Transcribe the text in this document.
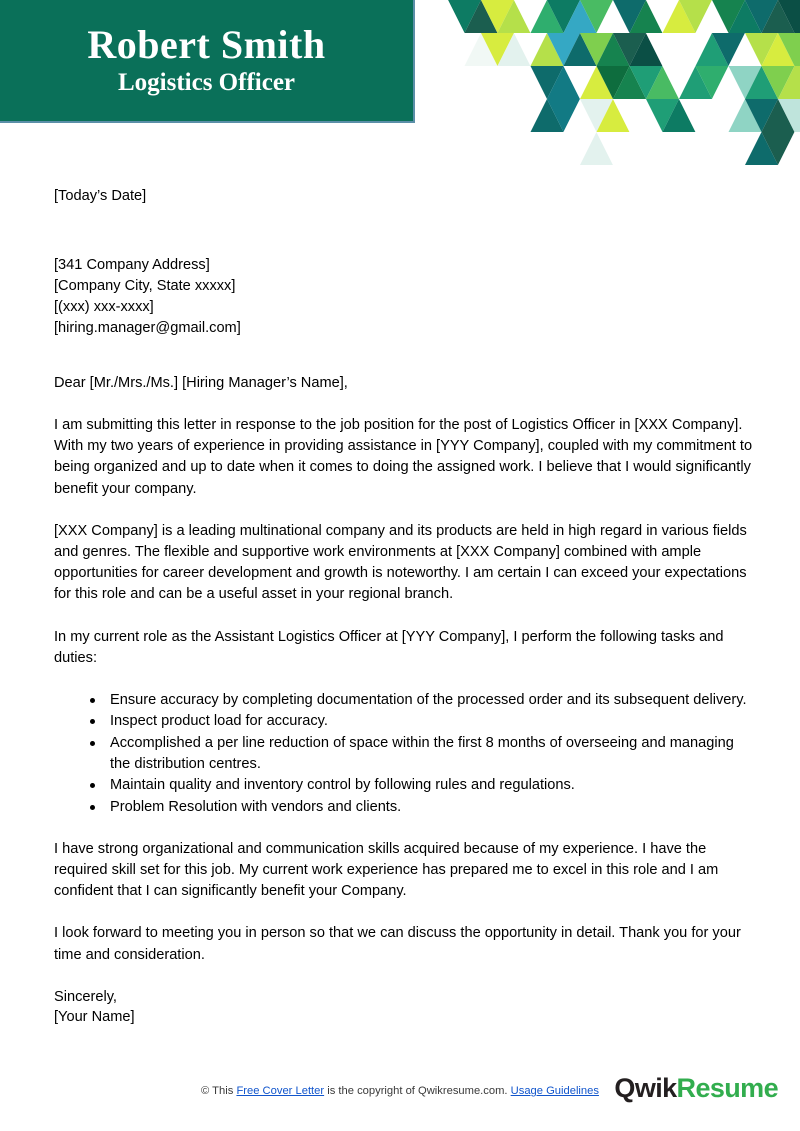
Robert Smith
Logistics Officer
[Today’s Date]
[341 Company Address]
[Company City, State xxxxx]
[(xxx) xxx-xxxx]
[hiring.manager@gmail.com]
Dear [Mr./Mrs./Ms.] [Hiring Manager’s Name],

I am submitting this letter in response to the job position for the post of Logistics Officer in [XXX Company]. With my two years of experience in providing assistance in [YYY Company], coupled with my commitment to being organized and up to date when it comes to doing the assigned work. I believe that I would significantly benefit your company.

[XXX Company] is a leading multinational company and its products are held in high regard in various fields and genres. The flexible and supportive work environments at [XXX Company] combined with ample opportunities for career development and growth is noteworthy. I am certain I can exceed your expectations for this role and can be a useful asset in your regional branch.

In my current role as the Assistant Logistics Officer at [YYY Company], I perform the following tasks and duties:

Ensure accuracy by completing documentation of the processed order and its subsequent delivery.
Inspect product load for accuracy.
Accomplished a per line reduction of space within the first 8 months of overseeing and managing the distribution centres.
Maintain quality and inventory control by following rules and regulations.
Problem Resolution with vendors and clients.

I have strong organizational and communication skills acquired because of my experience. I have the required skill set for this job. My current work experience has prepared me to excel in this role and I am confident that I can significantly benefit your Company.

I look forward to meeting you in person so that we can discuss the opportunity in detail. Thank you for your time and consideration.

Sincerely,
[Your Name]
© This Free Cover Letter is the copyright of Qwikresume.com. Usage Guidelines QwikResume
